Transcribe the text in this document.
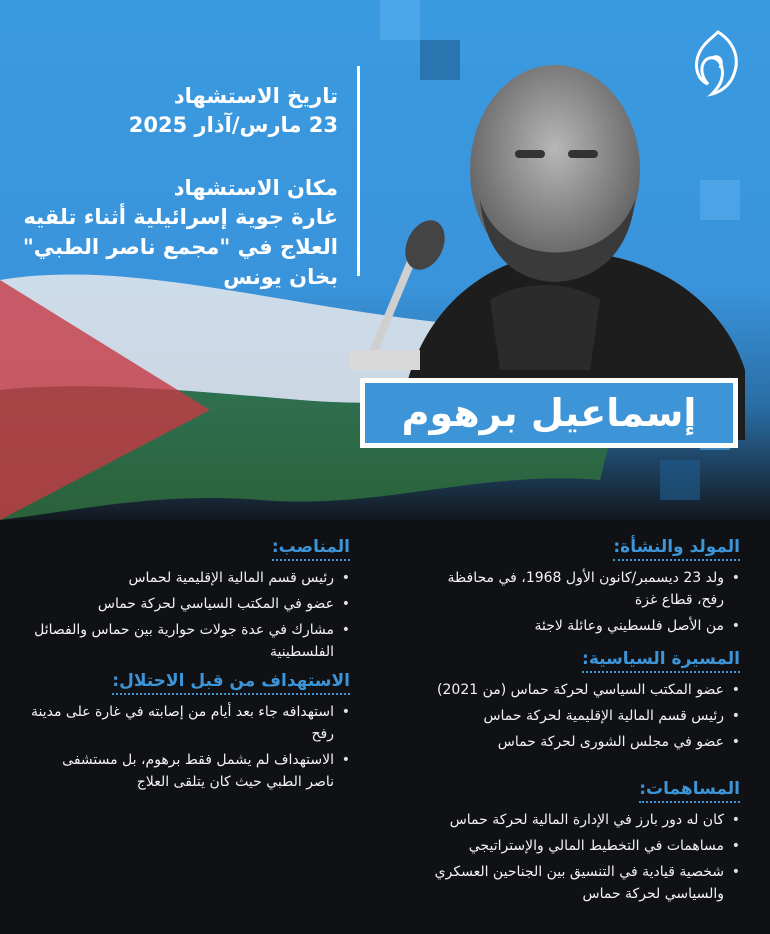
تاريخ الاستشهاد
23 مارس/آذار 2025
مكان الاستشهاد
غارة جوية إسرائيلية أثناء تلقيه العلاج في "مجمع ناصر الطبي" بخان يونس
إسماعيل برهوم
المولد والنشأة:
• ولد 23 ديسمبر/كانون الأول 1968، في محافظة رفح، قطاع غزة
• من الأصل فلسطيني وعائلة لاجئة
المسيرة السياسية:
• عضو المكتب السياسي لحركة حماس (من 2021)
• رئيس قسم المالية الإقليمية لحركة حماس
• عضو في مجلس الشورى لحركة حماس
المساهمات:
• كان له دور بارز في الإدارة المالية لحركة حماس
• مساهمات في التخطيط المالي والإستراتيجي
• شخصية قيادية في التنسيق بين الجناحين العسكري والسياسي لحركة حماس
المناصب:
• رئيس قسم المالية الإقليمية لحماس
• عضو في المكتب السياسي لحركة حماس
• مشارك في عدة جولات حوارية بين حماس والفصائل الفلسطينية
الاستهداف من قبل الاحتلال:
• استهدافه جاء بعد أيام من إصابته في غارة على مدينة رفح
• الاستهداف لم يشمل فقط برهوم، بل مستشفى ناصر الطبي حيث كان يتلقى العلاج
